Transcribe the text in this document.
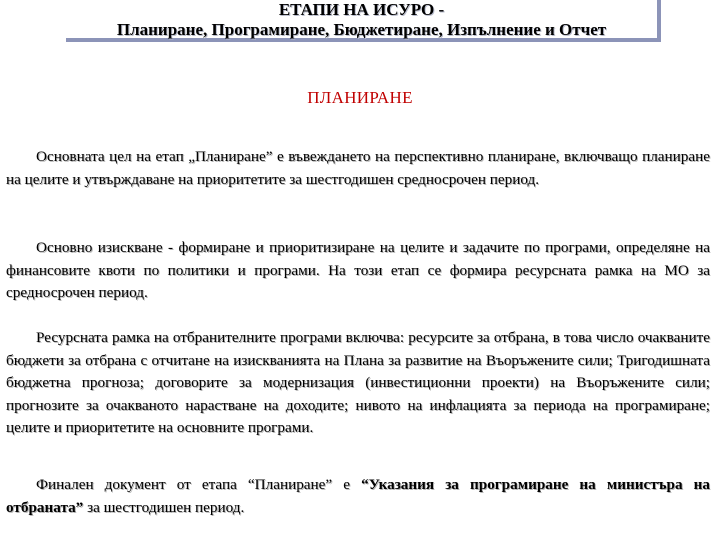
ЕТАПИ НА ИСУРО -
Планиране, Програмиране, Бюджетиране, Изпълнение и Отчет
ПЛАНИРАНЕ
Основната цел на етап „Планиране” е въвеждането на перспективно планиране, включващо планиране на целите и утвърждаване на приоритетите за шестгодишен средносрочен период.
Основно изискване - формиране и приоритизиране на целите и задачите по програми, определяне на финансовите квоти по политики и програми. На този етап се формира ресурсната рамка на МО за средносрочен период.
Ресурсната рамка на отбранителните програми включва: ресурсите за отбрана, в това число очакваните бюджети за отбрана с отчитане на изискванията на Плана за развитие на Въоръжените сили; Тригодишната бюджетна прогноза; договорите за модернизация (инвестиционни проекти) на Въоръжените сили; прогнозите за очакваното нарастване на доходите; нивото на инфлацията за периода на програмиране; целите и приоритетите на основните програми.
Финален документ от етапа “Планиране” е “Указания за програмиране на министъра на отбраната” за шестгодишен период.
